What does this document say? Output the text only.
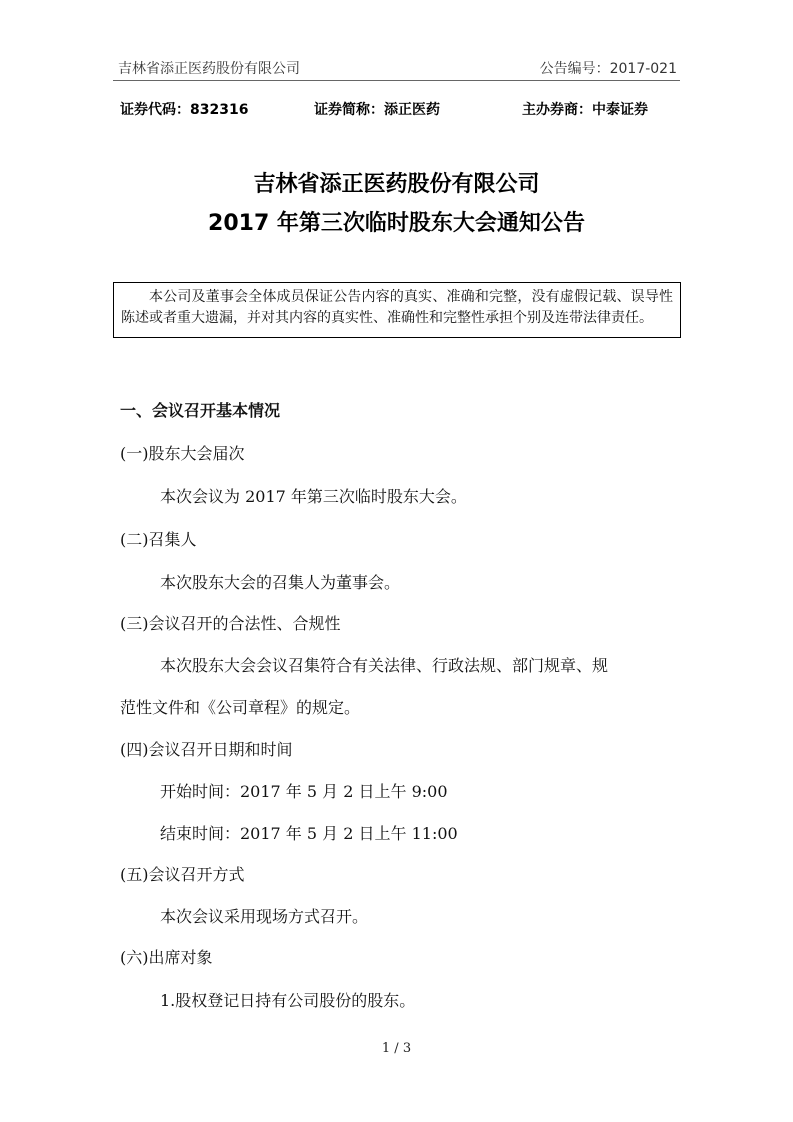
吉林省添正医药股份有限公司	公告编号：2017-021
证券代码：832316	证券简称：添正医药	主办券商：中泰证券
吉林省添正医药股份有限公司
2017 年第三次临时股东大会通知公告
本公司及董事会全体成员保证公告内容的真实、准确和完整，没有虚假记载、误导性陈述或者重大遗漏，并对其内容的真实性、准确性和完整性承担个别及连带法律责任。
一、会议召开基本情况
(一)股东大会届次
本次会议为 2017 年第三次临时股东大会。
(二)召集人
本次股东大会的召集人为董事会。
(三)会议召开的合法性、合规性
本次股东大会会议召集符合有关法律、行政法规、部门规章、规
范性文件和《公司章程》的规定。
(四)会议召开日期和时间
开始时间：2017 年 5 月 2 日上午 9:00
结束时间：2017 年 5 月 2 日上午 11:00
(五)会议召开方式
本次会议采用现场方式召开。
(六)出席对象
1.股权登记日持有公司股份的股东。
1 / 3
